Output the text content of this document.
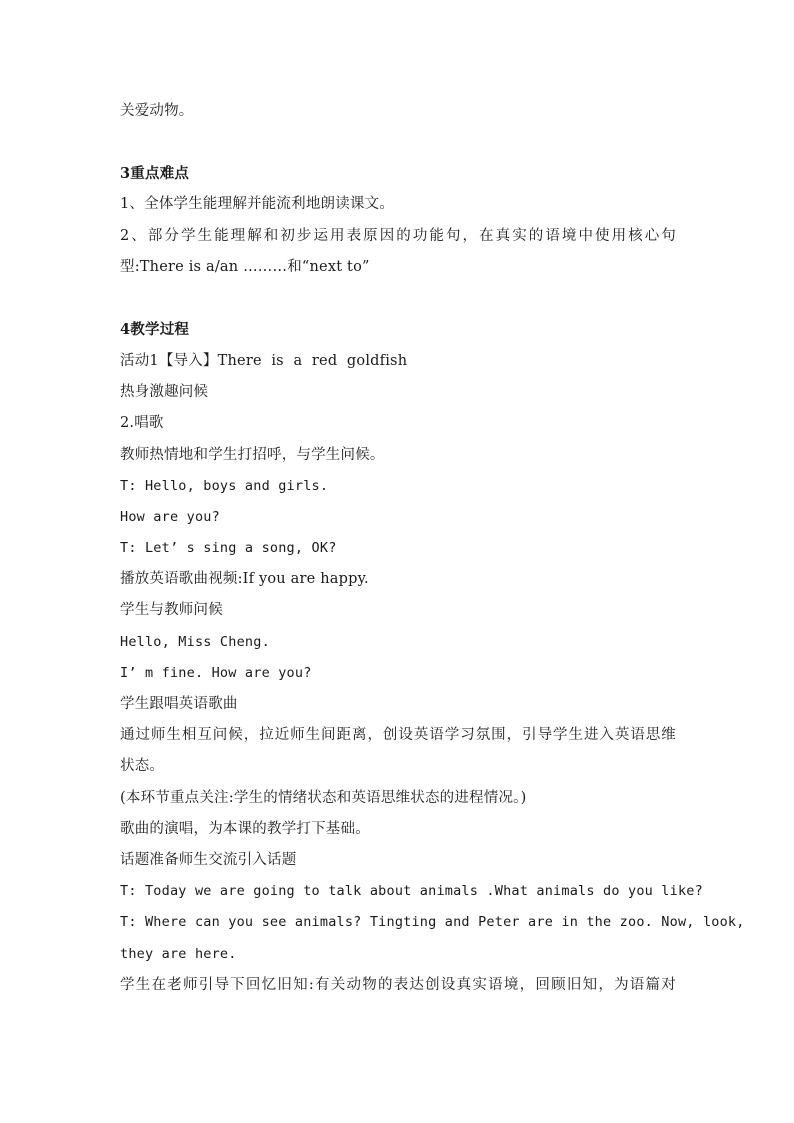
关爱动物。
3重点难点
1、全体学生能理解并能流利地朗读课文。
2、部分学生能理解和初步运用表原因的功能句，在真实的语境中使用核心句
型:There is a/an ………和“next to”
4教学过程
活动1【导入】There  is  a  red  goldfish
热身激趣问候
2.唱歌
教师热情地和学生打招呼，与学生问候。
T: Hello, boys and girls.
How are you?
T: Let’ s sing a song, OK?
播放英语歌曲视频:If you are happy.
学生与教师问候
Hello, Miss Cheng.
I’ m fine. How are you?
学生跟唱英语歌曲
通过师生相互问候，拉近师生间距离，创设英语学习氛围，引导学生进入英语思维
状态。
(本环节重点关注:学生的情绪状态和英语思维状态的进程情况。)
歌曲的演唱，为本课的教学打下基础。
话题准备师生交流引入话题
T: Today we are going to talk about animals .What animals do you like?
T: Where can you see animals? Tingting and Peter are in the zoo. Now, look,
they are here.
学生在老师引导下回忆旧知:有关动物的表达创设真实语境，回顾旧知，为语篇对
